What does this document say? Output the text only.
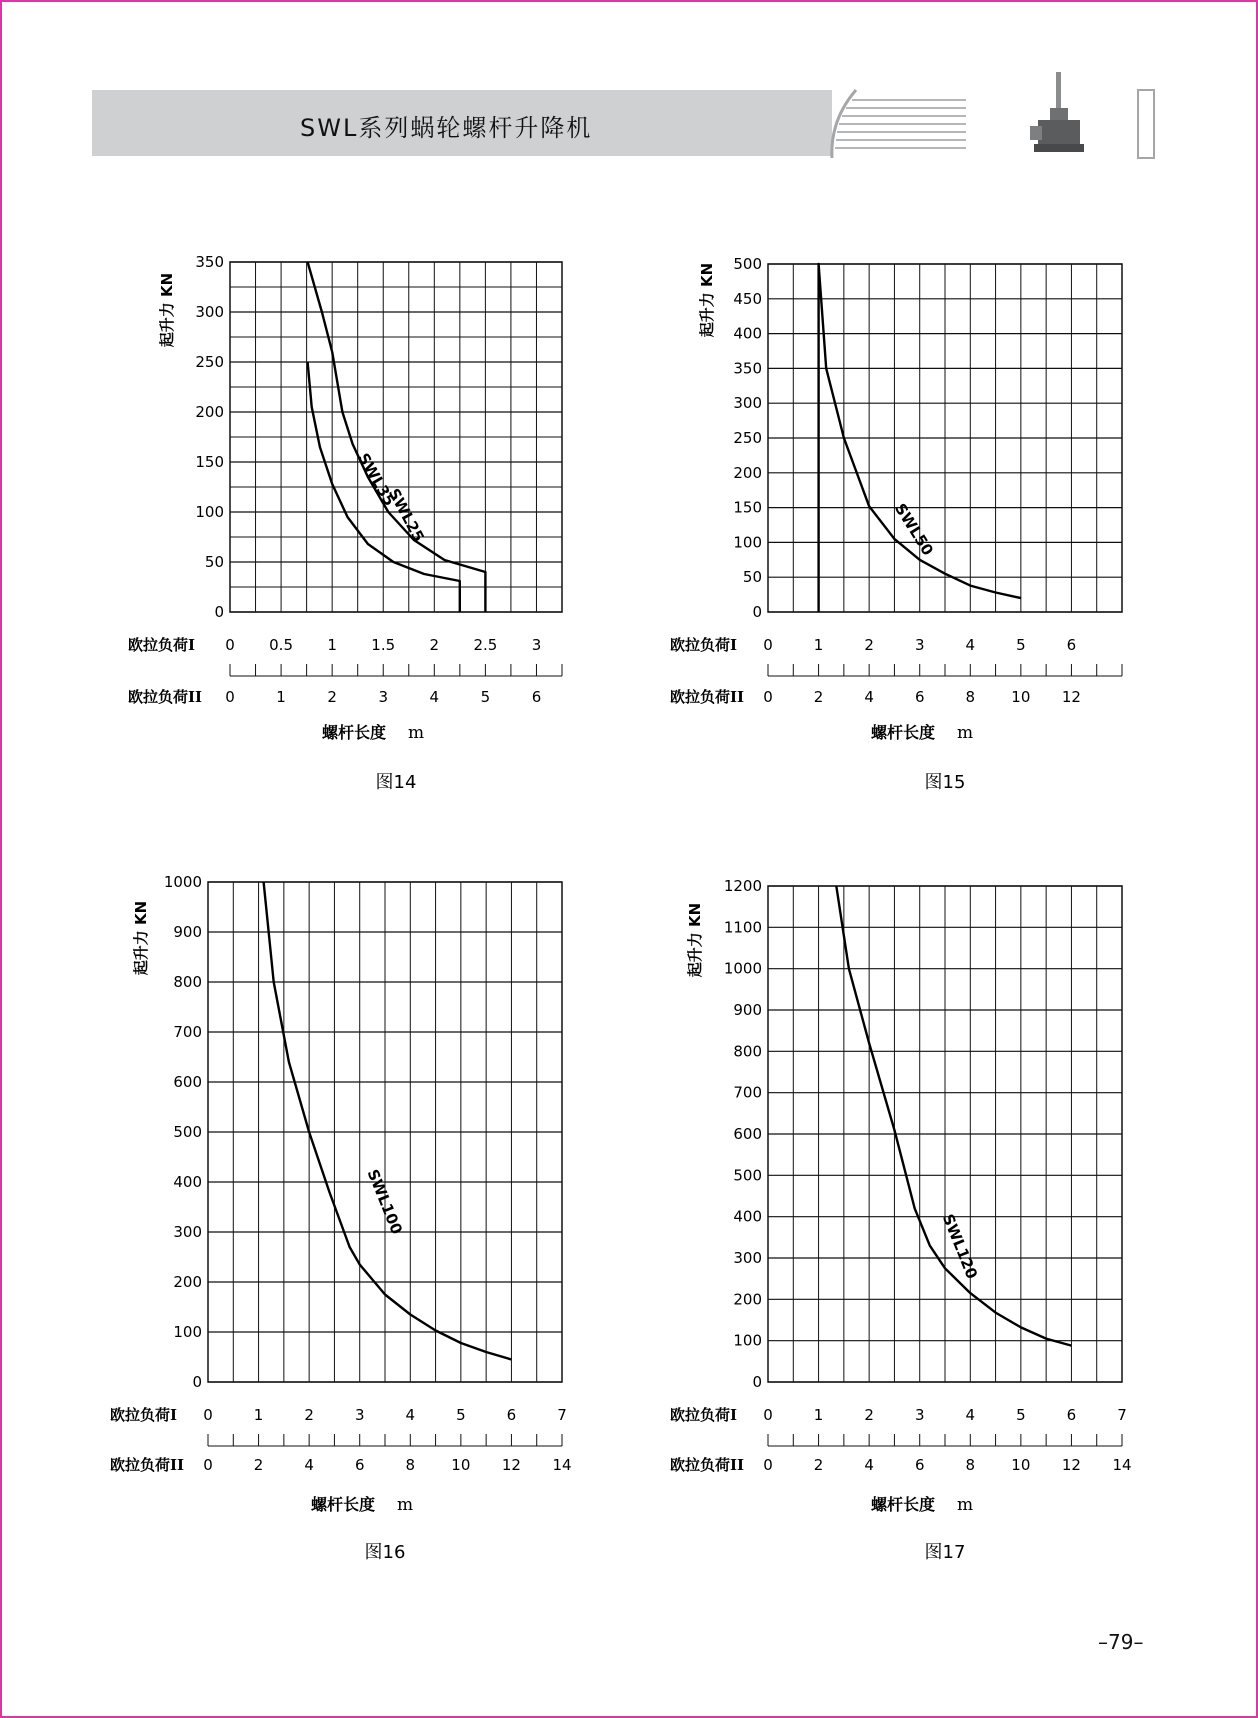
SWL系列蜗轮螺杆升降机
0
50
100
150
200
250
300
350
起升力 KN
0 0.5 1 1.5 2 2.5 3
0	1	2	3	4	5	6
欧拉负荷I
欧拉负荷II
螺杆长度 m
图14
SWL25
SWL35
0
50
100
150
200
250
300
350
400
450
500
起升力 KN
0	1	2	3	4	5	6
0	2	4	6	8 10 12
欧拉负荷I
欧拉负荷II
螺杆长度 m
图15
SWL50
0
100
200
300
400
500
600
700
800
900
1000
起升力 KN
0	1	2	3	4	5	6	7
0	2	4	6	8 10 12 14
欧拉负荷I
欧拉负荷II
螺杆长度 m
图16
SWL100
0
100
200
300
400
500
600
700
800
900
1000
1100
1200
起升力 KN
0	1	2	3	4	5	6	7
0	2	4	6	8 10 12 14
欧拉负荷I
欧拉负荷II
螺杆长度 m
图17
SWL120
–79–
